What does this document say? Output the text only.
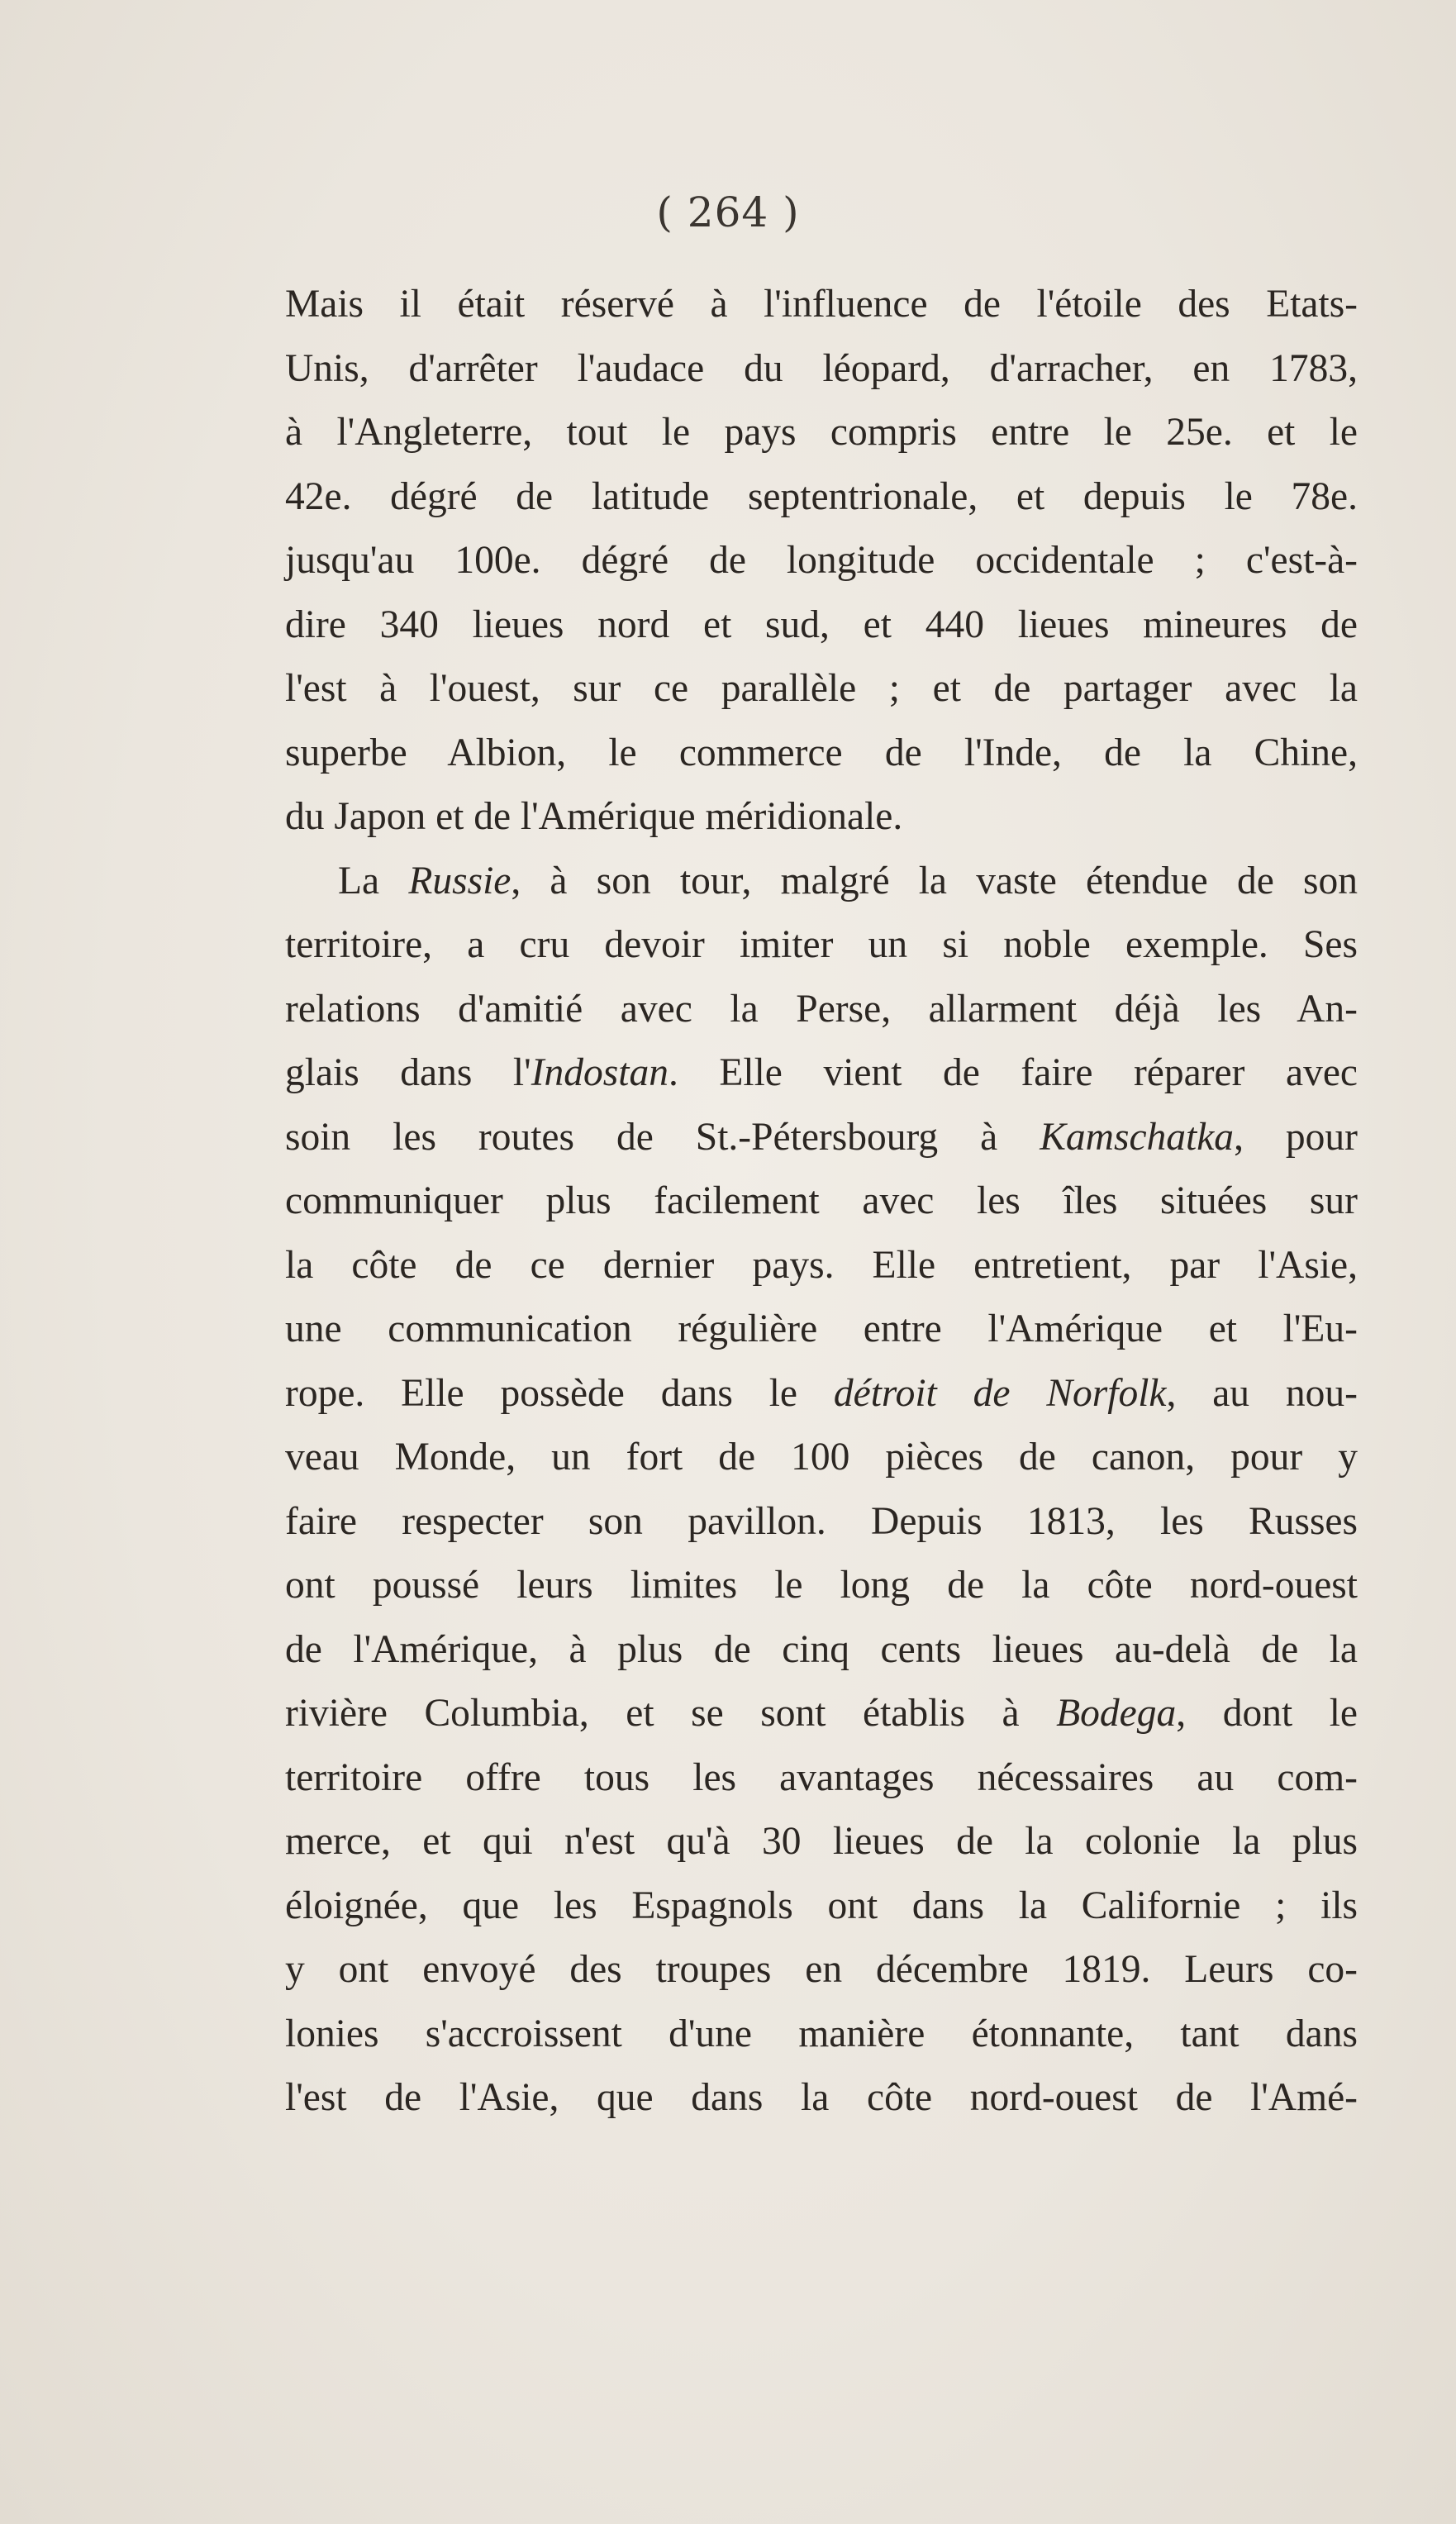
( 264 )
Mais il était réservé à l'influence de l'étoile des Etats-
Unis, d'arrêter l'audace du léopard, d'arracher, en 1783,
à l'Angleterre, tout le pays compris entre le 25e. et le
42e. dégré de latitude septentrionale, et depuis le 78e.
jusqu'au 100e. dégré de longitude occidentale ; c'est-à-
dire 340 lieues nord et sud, et 440 lieues mineures de
l'est à l'ouest, sur ce parallèle ; et de partager avec la
superbe Albion, le commerce de l'Inde, de la Chine,
du Japon et de l'Amérique méridionale.
La Russie, à son tour, malgré la vaste étendue de son
territoire, a cru devoir imiter un si noble exemple. Ses
relations d'amitié avec la Perse, allarment déjà les An-
glais dans l'Indostan. Elle vient de faire réparer avec
soin les routes de St.-Pétersbourg à Kamschatka, pour
communiquer plus facilement avec les îles situées sur
la côte de ce dernier pays. Elle entretient, par l'Asie,
une communication régulière entre l'Amérique et l'Eu-
rope. Elle possède dans le détroit de Norfolk, au nou-
veau Monde, un fort de 100 pièces de canon, pour y
faire respecter son pavillon. Depuis 1813, les Russes
ont poussé leurs limites le long de la côte nord-ouest
de l'Amérique, à plus de cinq cents lieues au-delà de la
rivière Columbia, et se sont établis à Bodega, dont le
territoire offre tous les avantages nécessaires au com-
merce, et qui n'est qu'à 30 lieues de la colonie la plus
éloignée, que les Espagnols ont dans la Californie ; ils
y ont envoyé des troupes en décembre 1819. Leurs co-
lonies s'accroissent d'une manière étonnante, tant dans
l'est de l'Asie, que dans la côte nord-ouest de l'Amé-
